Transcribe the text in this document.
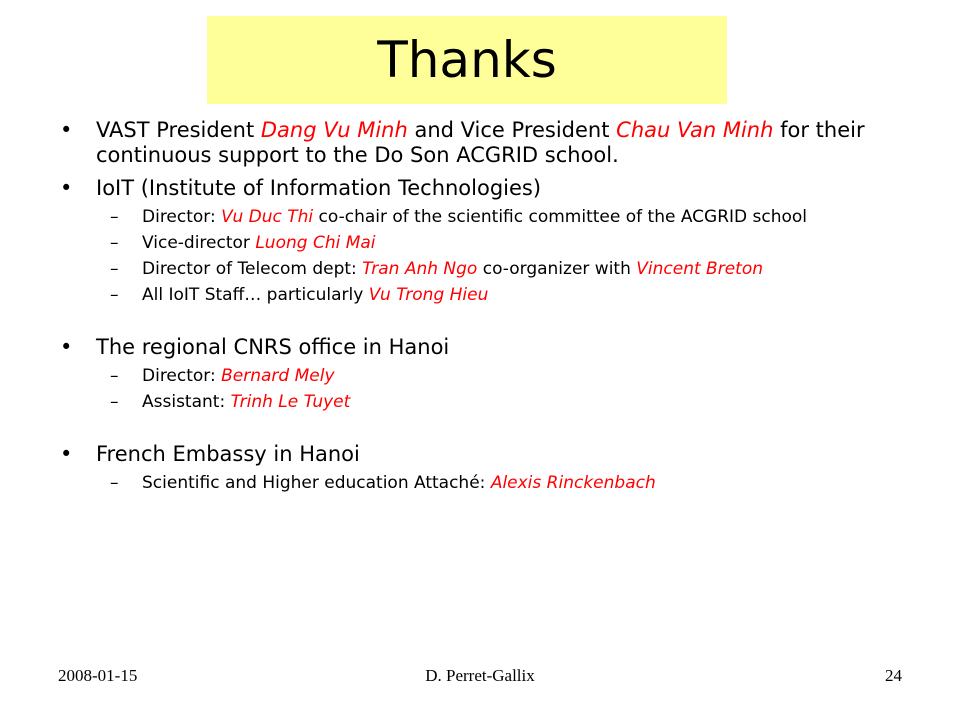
Thanks
•	VAST President Dang Vu Minh and Vice President Chau Van Minh for their continuous support to the Do Son ACGRID school.
•	IoIT (Institute of Information Technologies)
– Director: Vu Duc Thi co-chair of the scientific committee of the ACGRID school
– Vice-director Luong Chi Mai
– Director of Telecom dept: Tran Anh Ngo co-organizer with Vincent Breton
– All IoIT Staff… particularly Vu Trong Hieu
•	The regional CNRS office in Hanoi
– Director: Bernard Mely
– Assistant: Trinh Le Tuyet
•	French Embassy in Hanoi
– Scientific and Higher education Attaché: Alexis Rinckenbach
2008-01-15	D. Perret-Gallix	24
